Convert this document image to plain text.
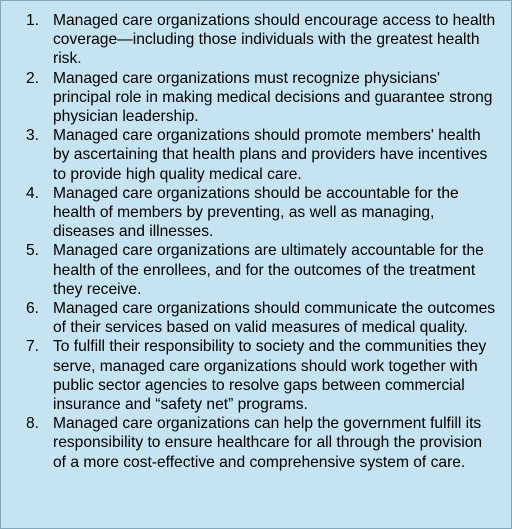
1. Managed care organizations should encourage access to health coverage—including those individuals with the greatest health risk.
2. Managed care organizations must recognize physicians' principal role in making medical decisions and guarantee strong physician leadership.
3. Managed care organizations should promote members' health by ascertaining that health plans and providers have incentives to provide high quality medical care.
4. Managed care organizations should be accountable for the health of members by preventing, as well as managing, diseases and illnesses.
5. Managed care organizations are ultimately accountable for the health of the enrollees, and for the outcomes of the treatment they receive.
6. Managed care organizations should communicate the outcomes of their services based on valid measures of medical quality.
7. To fulfill their responsibility to society and the communities they serve, managed care organizations should work together with public sector agencies to resolve gaps between commercial insurance and “safety net” programs.
8. Managed care organizations can help the government fulfill its responsibility to ensure healthcare for all through the provision of a more cost-effective and comprehensive system of care.
